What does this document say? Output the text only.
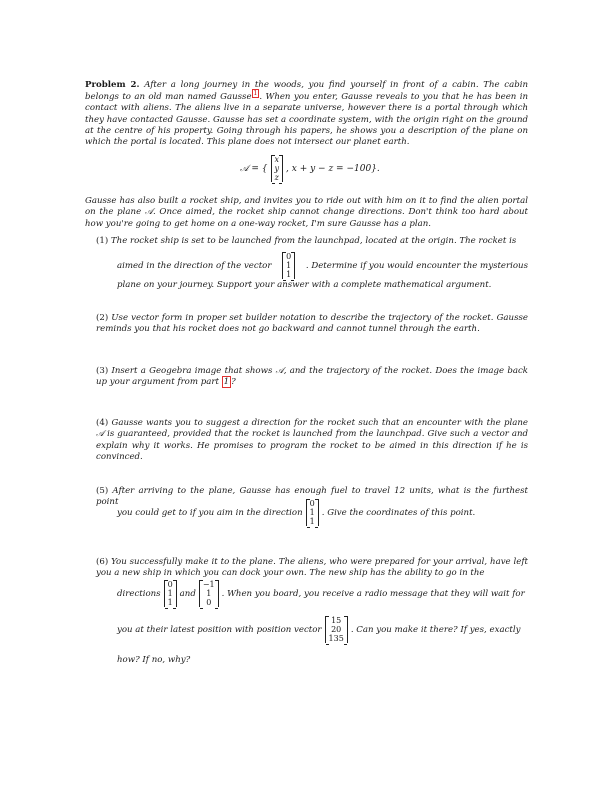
Problem 2. After a long journey in the woods, you find yourself in front of a cabin. The cabin belongs to an old man named Gausse $^1$ . When you enter, Gausse reveals to you that he has been in contact with aliens. The aliens live in a separate universe, however there is a portal through which they have contacted Gausse. Gausse has set a coordinate system, with the origin right on the ground at the centre of his property. Going through his papers, he shows you a description of the plane on which the portal is located. This plane does not intersect our planet earth.
𝒜 = {
x
y
z
, x + y − z = −100}.
Gausse has also built a rocket ship, and invites you to ride out with him on it to find the alien portal on the plane 𝒜. Once aimed, the rocket ship cannot change directions. Don't think too hard about how you're going to get home on a one-way rocket, I'm sure Gausse has a plan.
(1) The rocket ship is set to be launched from the launchpad, located at the origin. The rocket is
aimed in the direction of the vector
0
1
1
. Determine if you would encounter the mysterious
plane on your journey. Support your answer with a complete mathematical argument.
(2) Use vector form in proper set builder notation to describe the trajectory of the rocket. Gausse reminds you that his rocket does not go backward and cannot tunnel through the earth.
(3) Insert a Geogebra image that shows 𝒜, and the trajectory of the rocket. Does the image back up your argument from part 1 ?
(4) Gausse wants you to suggest a direction for the rocket such that an encounter with the plane 𝒜 is guaranteed, provided that the rocket is launched from the launchpad. Give such a vector and explain why it works. He promises to program the rocket to be aimed in this direction if he is convinced.
(5) After arriving to the plane, Gausse has enough fuel to travel 12 units, what is the furthest point
you could get to if you aim in the direction
0
1
1
. Give the coordinates of this point.
(6) You successfully make it to the plane. The aliens, who were prepared for your arrival, have left you a new ship in which you can dock your own. The new ship has the ability to go in the
directions
0
1
1
and
−1
1
0
. When you board, you receive a radio message that they will wait for
you at their latest position with position vector
15
20
135
. Can you make it there? If yes, exactly
how? If no, why?
